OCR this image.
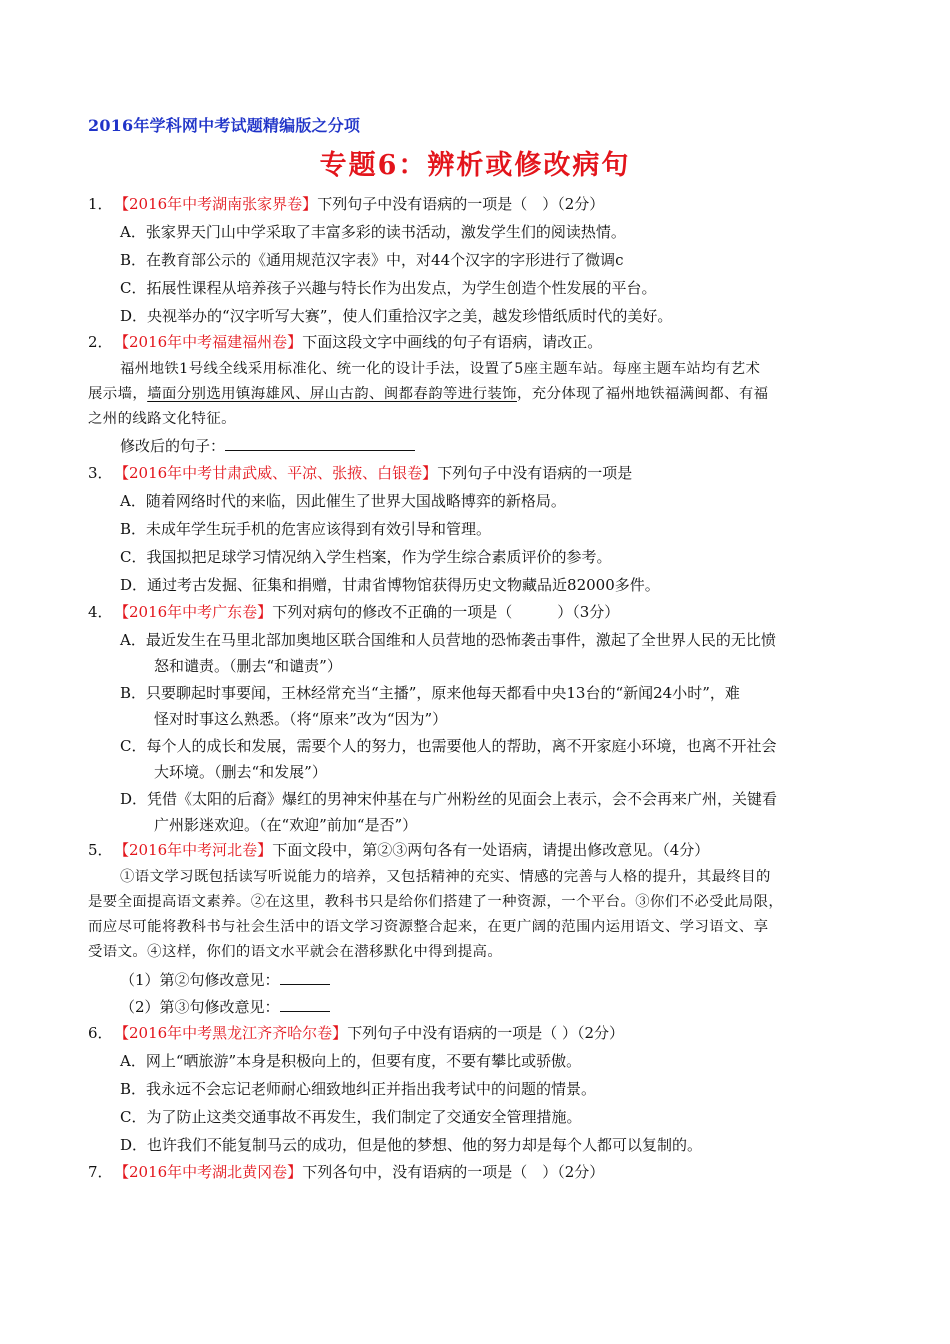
2016年学科网中考试题精编版之分项
专题6：辨析或修改病句
1．【2016年中考湖南张家界卷】下列句子中没有语病的一项是（　）（2分）
A．张家界天门山中学采取了丰富多彩的读书活动，激发学生们的阅读热情。
B．在教育部公示的《通用规范汉字表》中，对44个汉字的字形进行了微调c
C．拓展性课程从培养孩子兴趣与特长作为出发点，为学生创造个性发展的平台。
D．央视举办的“汉字听写大赛”，使人们重拾汉字之美，越发珍惜纸质时代的美好。
2．【2016年中考福建福州卷】下面这段文字中画线的句子有语病，请改正。
福州地铁1号线全线采用标准化、统一化的设计手法，设置了5座主题车站。每座主题车站均有艺术
展示墙，墙面分别选用镇海雄风、屏山古韵、闽都春韵等进行装饰，充分体现了福州地铁福满闽都、有福
之州的线路文化特征。
修改后的句子：
3．【2016年中考甘肃武威、平凉、张掖、白银卷】下列句子中没有语病的一项是
A．随着网络时代的来临，因此催生了世界大国战略博弈的新格局。
B．未成年学生玩手机的危害应该得到有效引导和管理。
C．我国拟把足球学习情况纳入学生档案，作为学生综合素质评价的参考。
D．通过考古发掘、征集和捐赠，甘肃省博物馆获得历史文物藏品近82000多件。
4．【2016年中考广东卷】下列对病句的修改不正确的一项是（　　　）（3分）
A．最近发生在马里北部加奥地区联合国维和人员营地的恐怖袭击事件，激起了全世界人民的无比愤
怒和谴责。（删去“和谴责”）
B．只要聊起时事要闻，王林经常充当“主播”，原来他每天都看中央13台的“新闻24小时”，难
怪对时事这么熟悉。（将“原来”改为“因为”）
C．每个人的成长和发展，需要个人的努力，也需要他人的帮助，离不开家庭小环境，也离不开社会
大环境。（删去“和发展”）
D．凭借《太阳的后裔》爆红的男神宋仲基在与广州粉丝的见面会上表示，会不会再来广州，关键看
广州影迷欢迎。（在“欢迎”前加“是否”）
5．【2016年中考河北卷】下面文段中，第②③两句各有一处语病，请提出修改意见。（4分）
①语文学习既包括读写听说能力的培养，又包括精神的充实、情感的完善与人格的提升，其最终目的
是要全面提高语文素养。②在这里，教科书只是给你们搭建了一种资源，一个平台。③你们不必受此局限，
而应尽可能将教科书与社会生活中的语文学习资源整合起来，在更广阔的范围内运用语文、学习语文、享
受语文。④这样，你们的语文水平就会在潜移默化中得到提高。
（1）第②句修改意见：
（2）第③句修改意见：
6．【2016年中考黑龙江齐齐哈尔卷】下列句子中没有语病的一项是（ ）（2分）
A．网上“晒旅游”本身是积极向上的，但要有度，不要有攀比或骄傲。
B．我永远不会忘记老师耐心细致地纠正并指出我考试中的问题的情景。
C．为了防止这类交通事故不再发生，我们制定了交通安全管理措施。
D．也许我们不能复制马云的成功，但是他的梦想、他的努力却是每个人都可以复制的。
7．【2016年中考湖北黄冈卷】下列各句中，没有语病的一项是（　）（2分）
